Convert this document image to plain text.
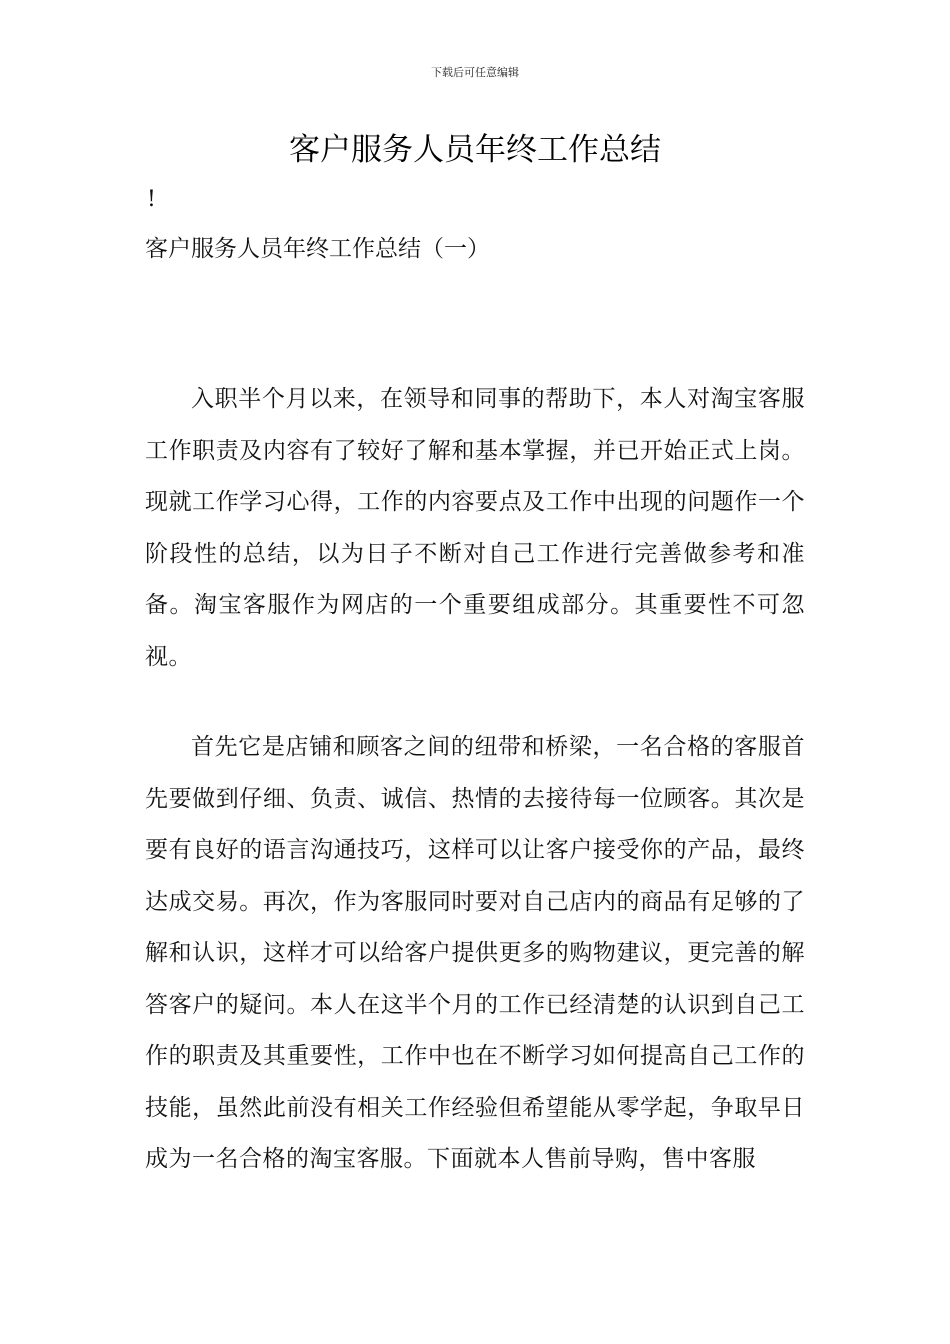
下载后可任意编辑
客户服务人员年终工作总结
!
客户服务人员年终工作总结（一）

入职半个月以来，在领导和同事的帮助下，本人对淘宝客服工作职责及内容有了较好了解和基本掌握，并已开始正式上岗。现就工作学习心得，工作的内容要点及工作中出现的问题作一个阶段性的总结，以为日子不断对自己工作进行完善做参考和准备。淘宝客服作为网店的一个重要组成部分。其重要性不可忽视。

首先它是店铺和顾客之间的纽带和桥梁，一名合格的客服首先要做到仔细、负责、诚信、热情的去接待每一位顾客。其次是要有良好的语言沟通技巧，这样可以让客户接受你的产品，最终达成交易。再次，作为客服同时要对自己店内的商品有足够的了解和认识，这样才可以给客户提供更多的购物建议，更完善的解答客户的疑问。本人在这半个月的工作已经清楚的认识到自己工作的职责及其重要性，工作中也在不断学习如何提高自己工作的技能，虽然此前没有相关工作经验但希望能从零学起，争取早日成为一名合格的淘宝客服。下面就本人售前导购，售中客服
